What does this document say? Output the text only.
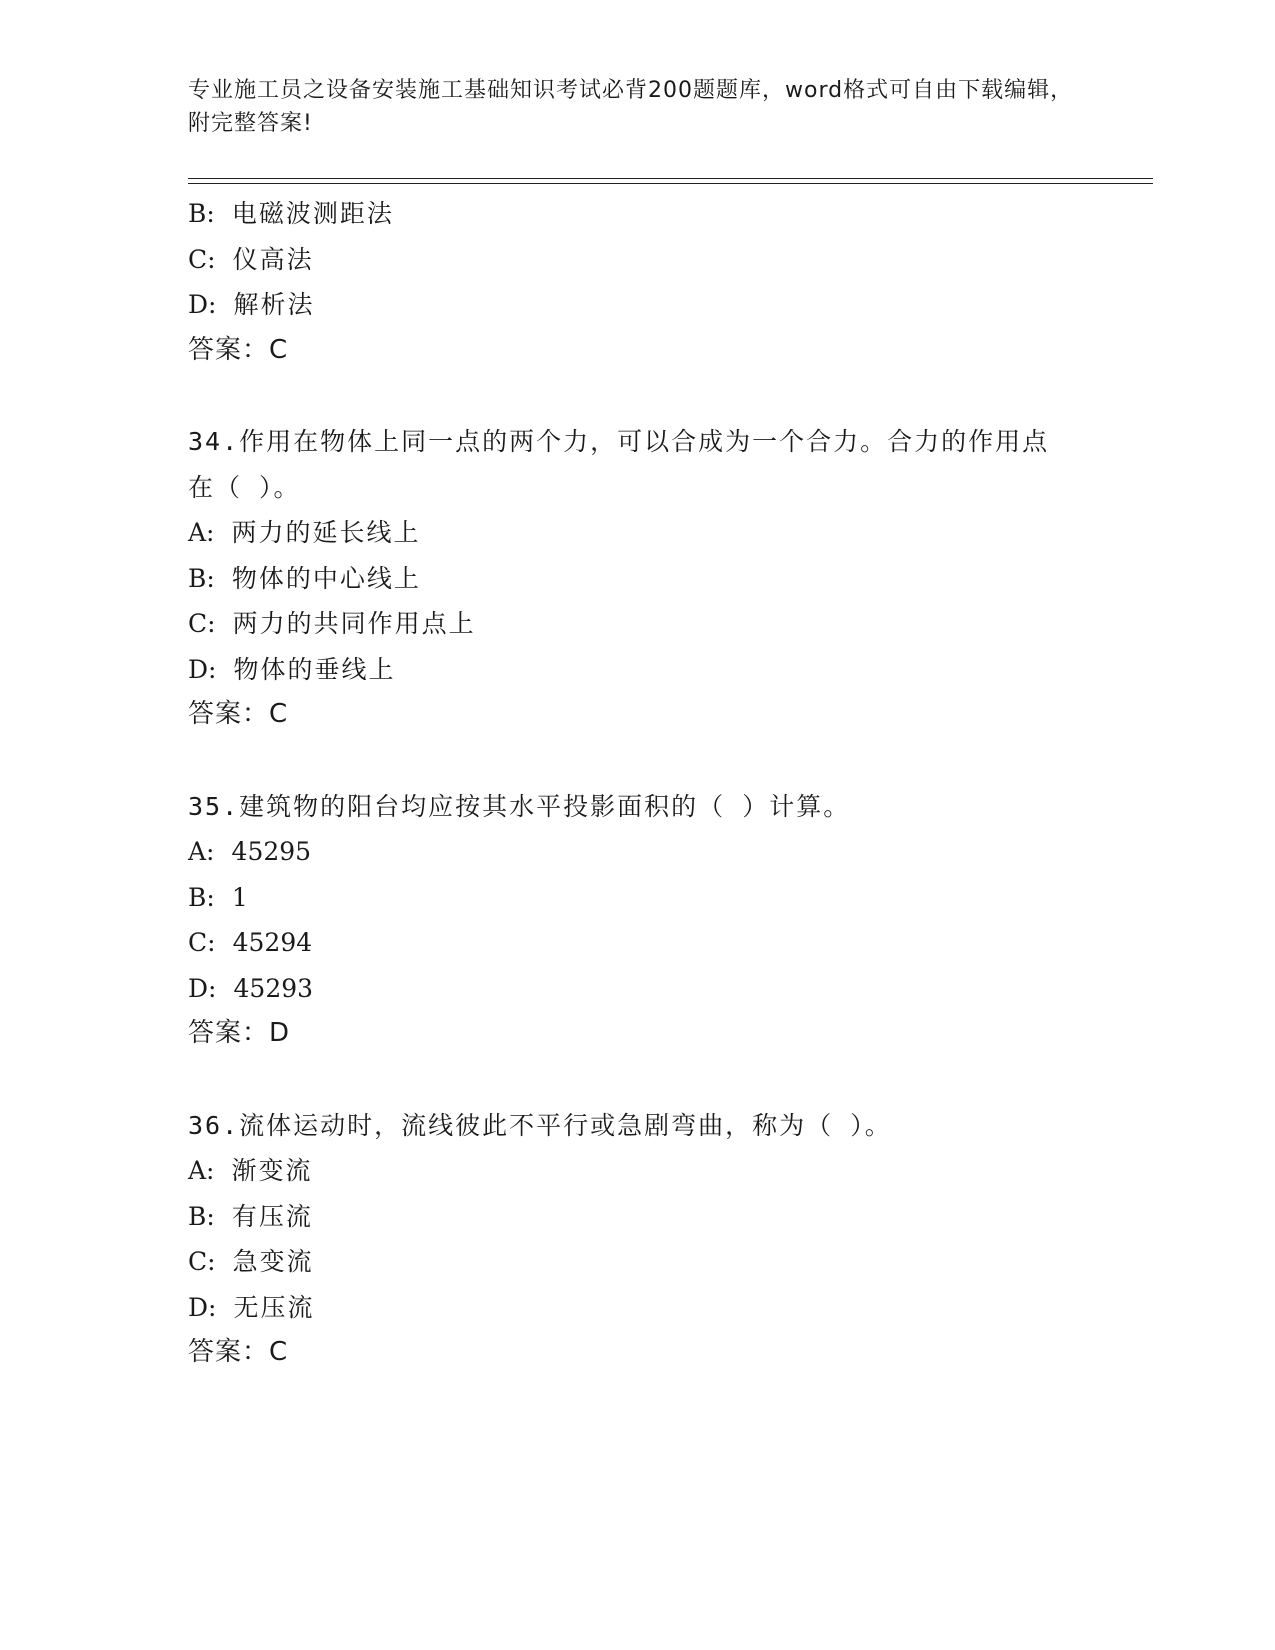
专业施工员之设备安装施工基础知识考试必背200题题库，word格式可自由下载编辑，附完整答案!
B: 电磁波测距法
C: 仪高法
D: 解析法
答案：C
34.作用在物体上同一点的两个力，可以合成为一个合力。合力的作用点在（ ）。
A: 两力的延长线上
B: 物体的中心线上
C: 两力的共同作用点上
D: 物体的垂线上
答案：C
35.建筑物的阳台均应按其水平投影面积的（ ）计算。
A: 45295
B: 1
C: 45294
D: 45293
答案：D
36.流体运动时，流线彼此不平行或急剧弯曲，称为（ ）。
A: 渐变流
B: 有压流
C: 急变流
D: 无压流
答案：C
